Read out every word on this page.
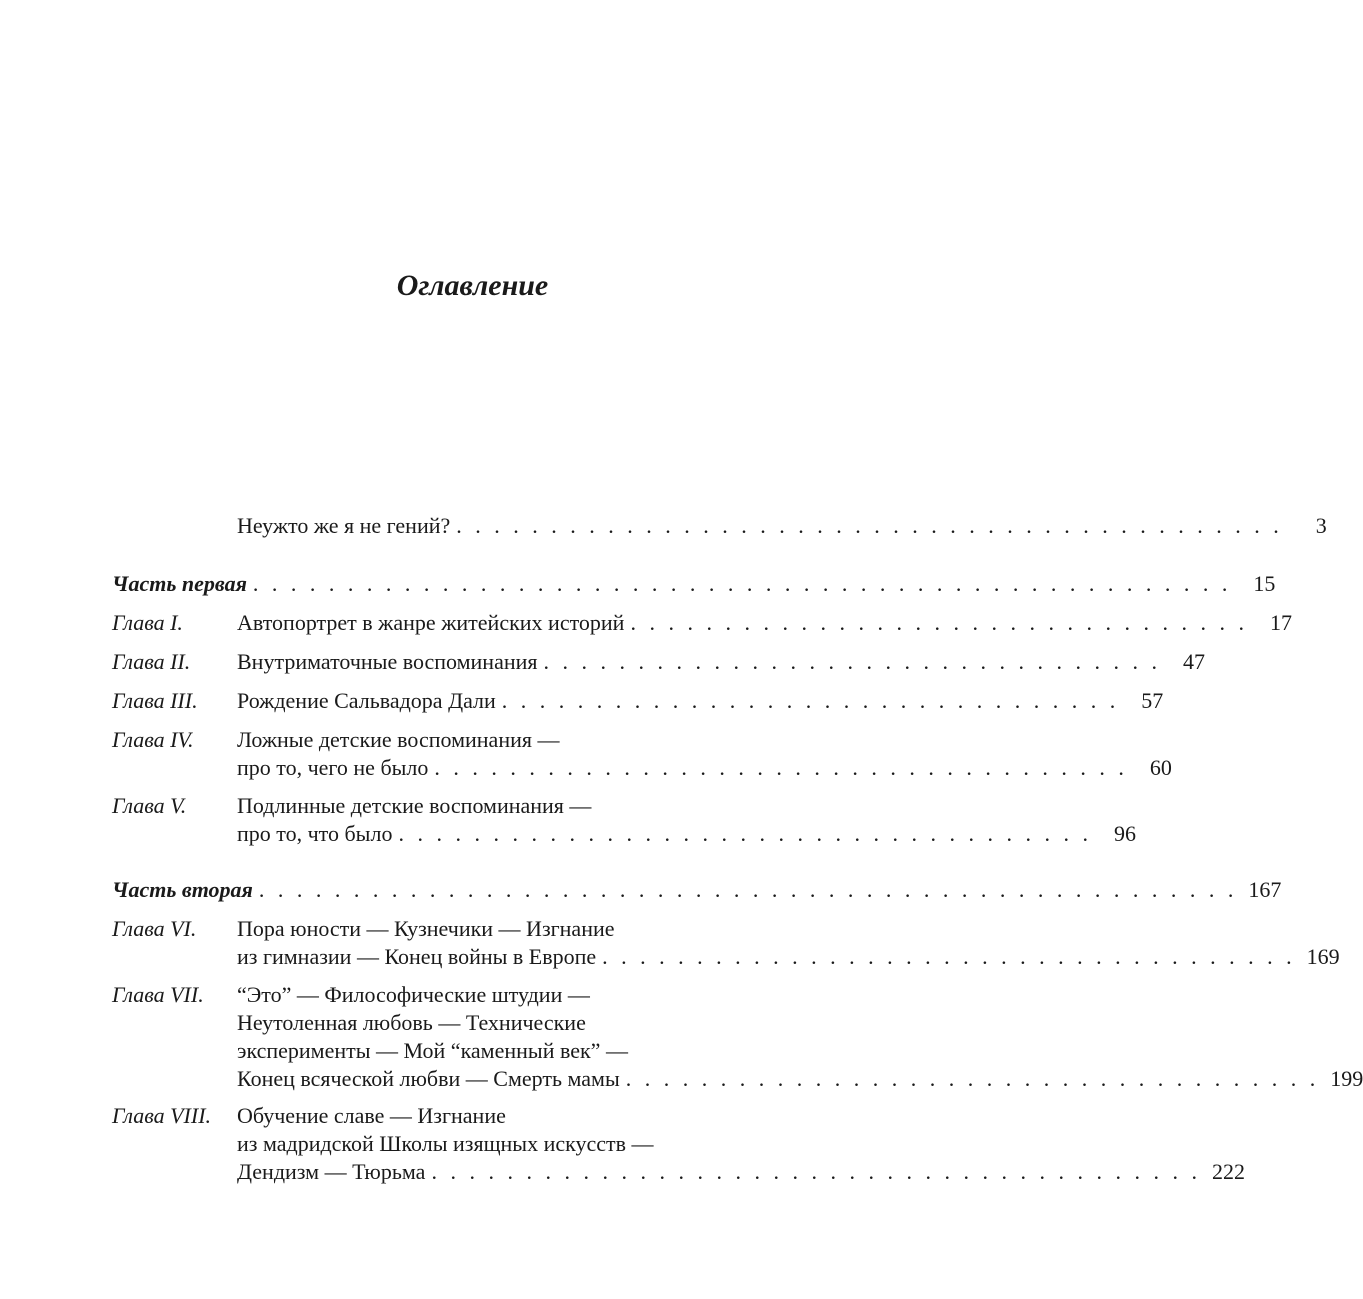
Оглавление
Неужто же я не гений? . . . . . . . . . . . . . . . . . . . . . . . . . . . . . . . . . . . . . . . . . . . .	3
Часть первая . . . . . . . . . . . . . . . . . . . . . . . . . . . . . . . . . . . . . . . . . . . . . . . . . . . .	15
Глава I. Автопортрет в жанре житейских историй . . . . . . . . . . . . . . . . . . . . . . . . . . . . . . . . .	17
Глава II. Внутриматочные воспоминания . . . . . . . . . . . . . . . . . . . . . . . . . . . . . . . . .	47
Глава III. Рождение Сальвадора Дали . . . . . . . . . . . . . . . . . . . . . . . . . . . . . . . . .	57
Глава IV. Ложные детские воспоминания —
про то, чего не было . . . . . . . . . . . . . . . . . . . . . . . . . . . . . . . . . . . . .	60
Глава V. Подлинные детские воспоминания —
про то, что было . . . . . . . . . . . . . . . . . . . . . . . . . . . . . . . . . . . . .	96
Часть вторая . . . . . . . . . . . . . . . . . . . . . . . . . . . . . . . . . . . . . . . . . . . . . . . . . . . . 167
Глава VI. Пора юности — Кузнечики — Изгнание
из гимназии — Конец войны в Европе . . . . . . . . . . . . . . . . . . . . . . . . . . . . . . . . . . . . . 169
Глава VII. “Это” — Философические штудии —
Неутоленная любовь — Технические
эксперименты — Мой “каменный век” —
Конец всяческой любви — Смерть мамы . . . . . . . . . . . . . . . . . . . . . . . . . . . . . . . . . . . . . 199
Глава VIII. Обучение славе — Изгнание
из мадридской Школы изящных искусств —
Дендизм — Тюрьма . . . . . . . . . . . . . . . . . . . . . . . . . . . . . . . . . . . . . . . . . 222
